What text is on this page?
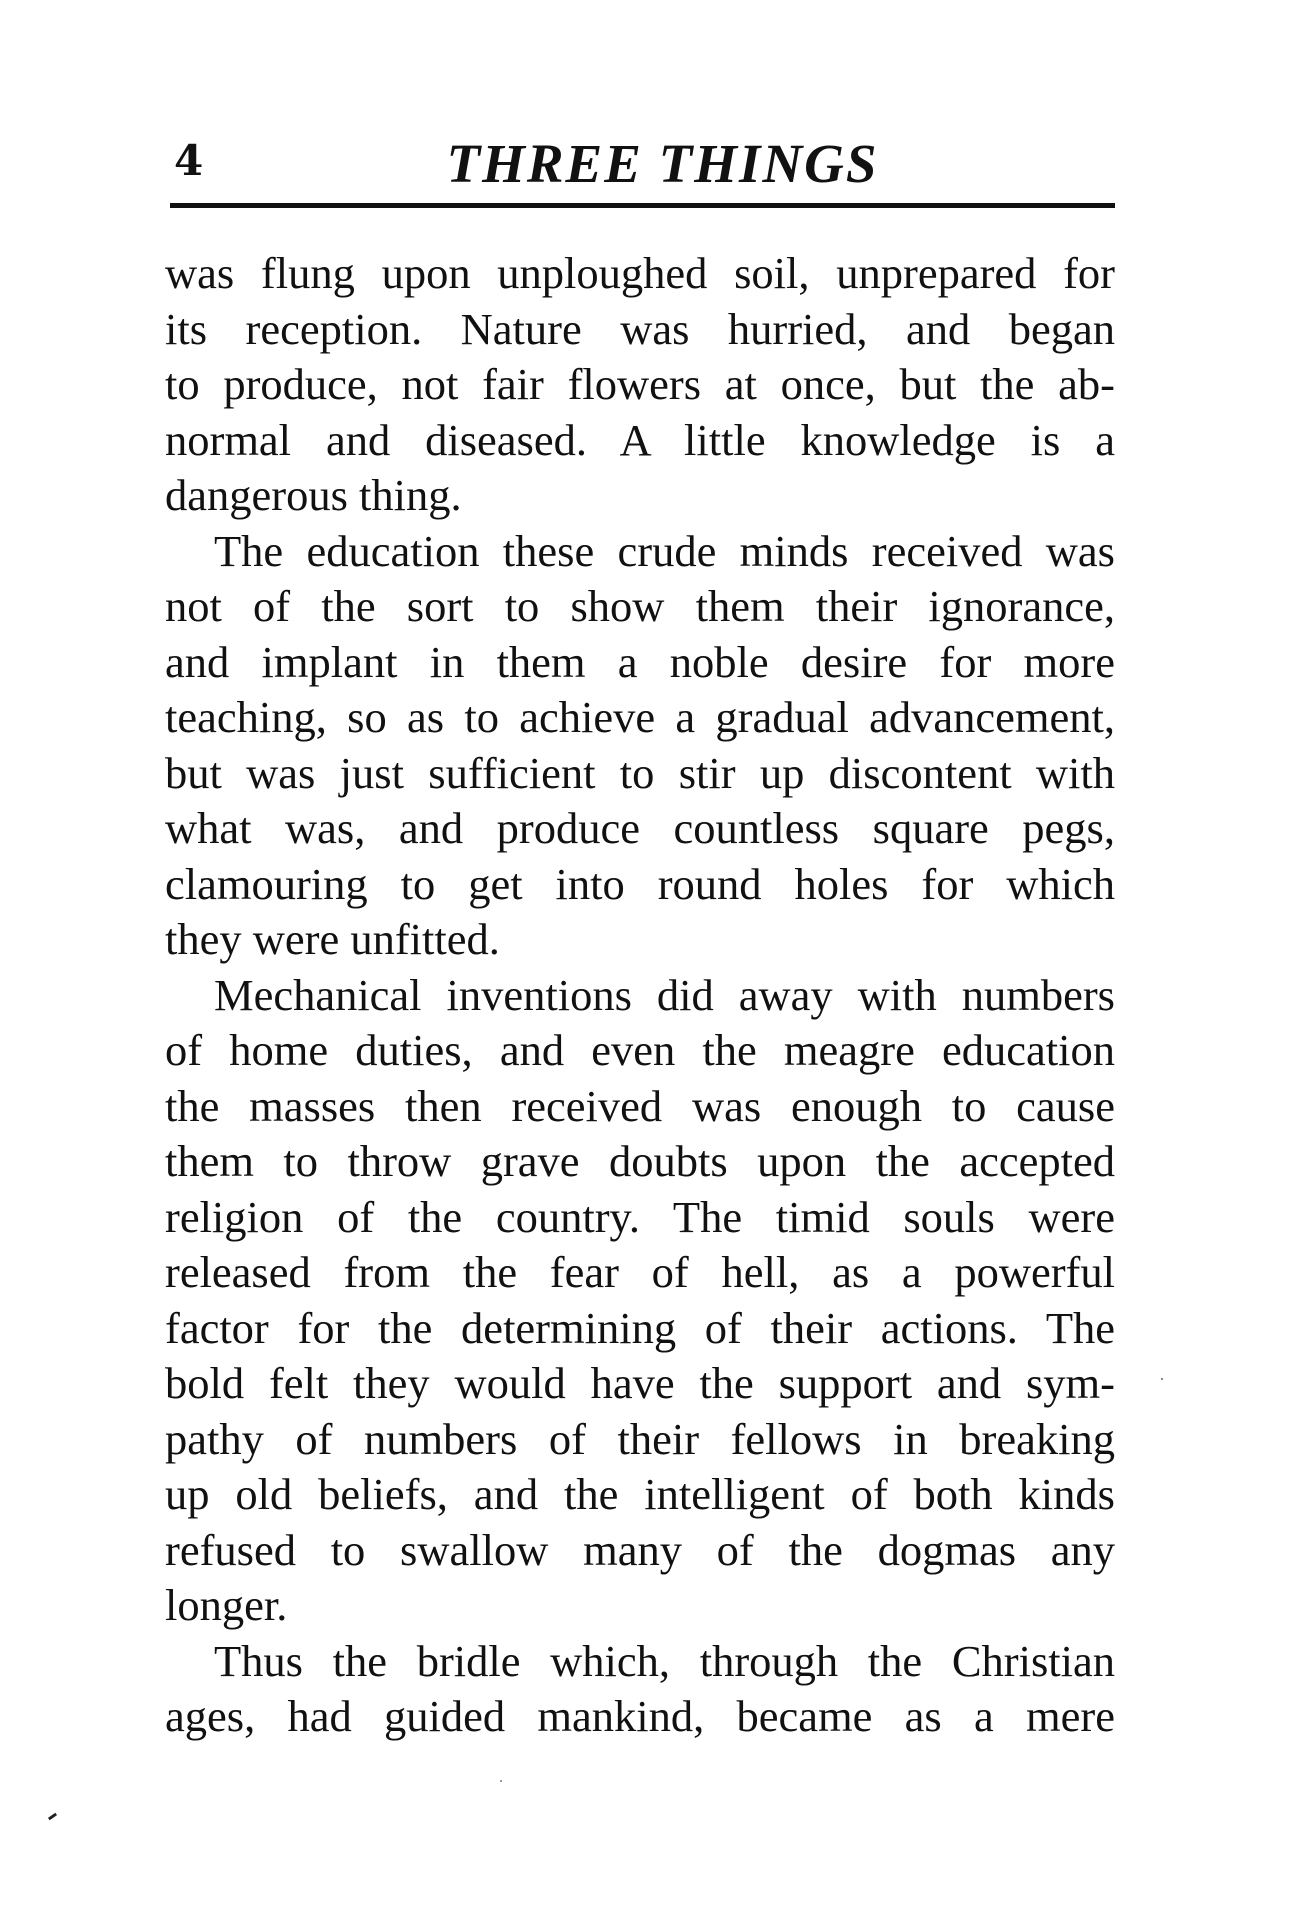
4	THREE THINGS
was flung upon unploughed soil, unprepared for
its reception. Nature was hurried, and began
to produce, not fair flowers at once, but the ab-
normal and diseased. A little knowledge is a
dangerous thing.
The education these crude minds received was
not of the sort to show them their ignorance,
and implant in them a noble desire for more
teaching, so as to achieve a gradual advancement,
but was just sufficient to stir up discontent with
what was, and produce countless square pegs,
clamouring to get into round holes for which
they were unfitted.
Mechanical inventions did away with numbers
of home duties, and even the meagre education
the masses then received was enough to cause
them to throw grave doubts upon the accepted
religion of the country. The timid souls were
released from the fear of hell, as a powerful
factor for the determining of their actions. The
bold felt they would have the support and sym-
pathy of numbers of their fellows in breaking
up old beliefs, and the intelligent of both kinds
refused to swallow many of the dogmas any
longer.
Thus the bridle which, through the Christian
ages, had guided mankind, became as a mere
